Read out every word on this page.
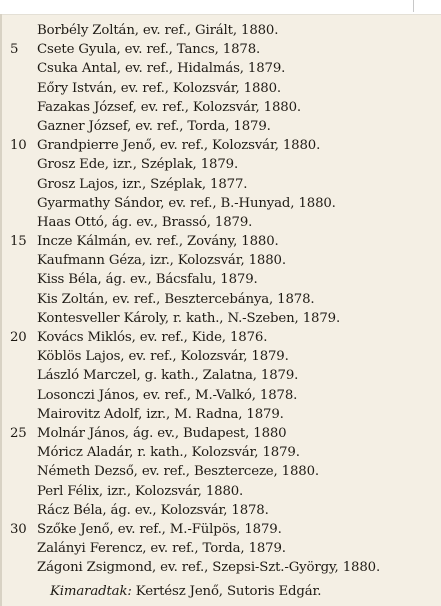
Borbély Zoltán, ev. ref., Girált, 1880.
5	Csete Gyula, ev. ref., Tancs, 1878.
Csuka Antal, ev. ref., Hidalmás, 1879.
Eőry István, ev. ref., Kolozsvár, 1880.
Fazakas József, ev. ref., Kolozsvár, 1880.
Gazner József, ev. ref., Torda, 1879.
10 Grandpierre Jenő, ev. ref., Kolozsvár, 1880.
Grosz Ede, izr., Széplak, 1879.
Grosz Lajos, izr., Széplak, 1877.
Gyarmathy Sándor, ev. ref., B.-Hunyad, 1880.
Haas Ottó, ág. ev., Brassó, 1879.
15 Incze Kálmán, ev. ref., Zovány, 1880.
Kaufmann Géza, izr., Kolozsvár, 1880.
Kiss Béla, ág. ev., Bácsfalu, 1879.
Kis Zoltán, ev. ref., Besztercebánya, 1878.
Kontesveller Károly, r. kath., N.-Szeben, 1879.
20 Kovács Miklós, ev. ref., Kide, 1876.
Köblös Lajos, ev. ref., Kolozsvár, 1879.
László Marczel, g. kath., Zalatna, 1879.
Losonczi János, ev. ref., M.-Valkó, 1878.
Mairovitz Adolf, izr., M. Radna, 1879.
25 Molnár János, ág. ev., Budapest, 1880
Móricz Aladár, r. kath., Kolozsvár, 1879.
Németh Dezső, ev. ref., Beszterceze, 1880.
Perl Félix, izr., Kolozsvár, 1880.
Rácz Béla, ág. ev., Kolozsvár, 1878.
30 Szőke Jenő, ev. ref., M.-Fülpös, 1879.
Zalányi Ferencz, ev. ref., Torda, 1879.
Zágoni Zsigmond, ev. ref., Szepsi-Szt.-György, 1880.
Kimaradtak: Kertész Jenő, Sutoris Edgár.
